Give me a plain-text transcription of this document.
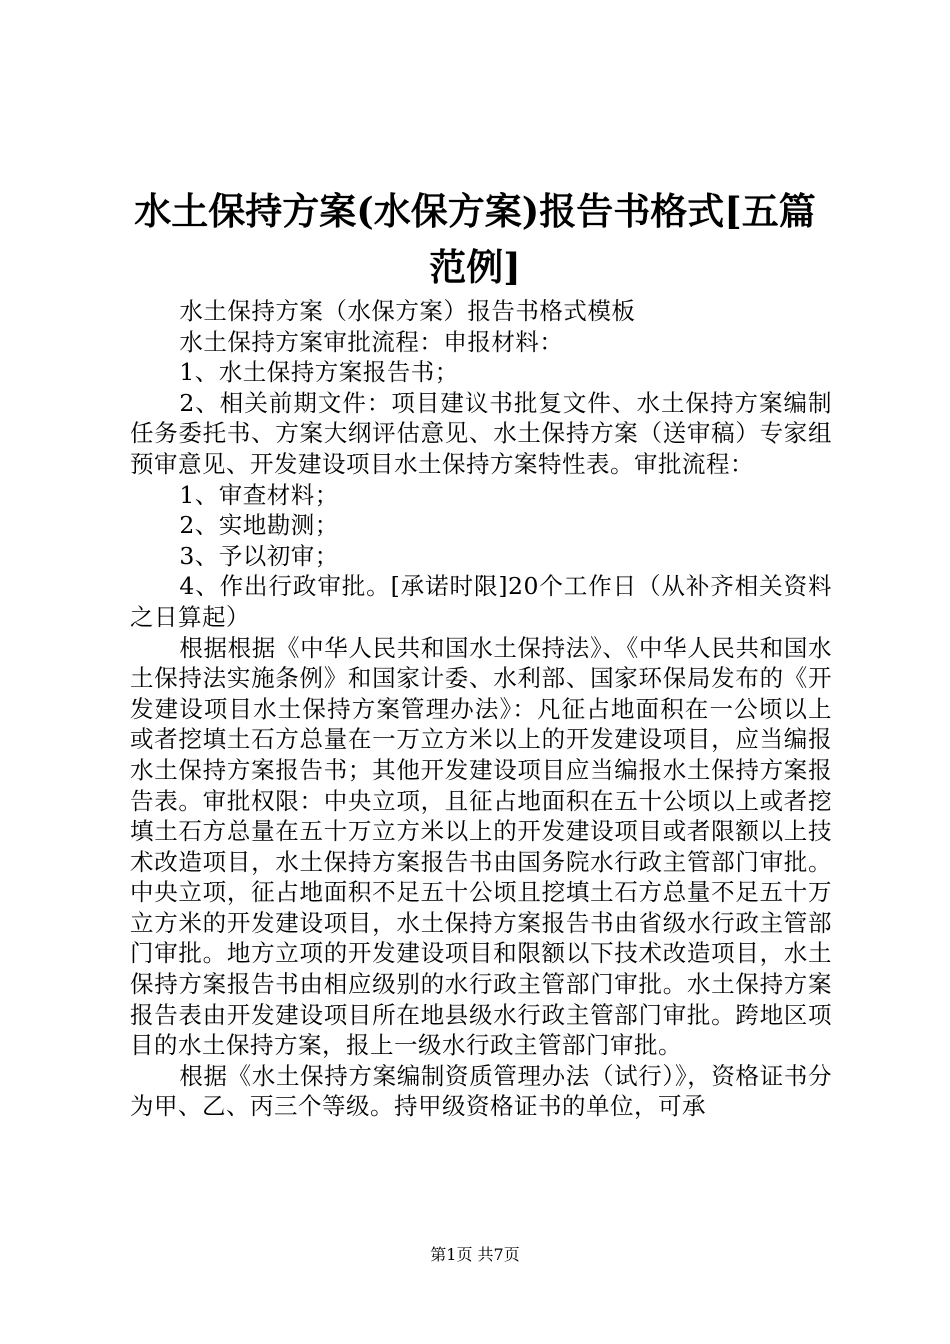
水土保持方案(水保方案)报告书格式[五篇范例]

水土保持方案（水保方案）报告书格式模板

水土保持方案审批流程：申报材料：

1、水土保持方案报告书；

2、相关前期文件：项目建议书批复文件、水土保持方案编制任务委托书、方案大纲评估意见、水土保持方案（送审稿）专家组预审意见、开发建设项目水土保持方案特性表。审批流程：

1、审查材料；

2、实地勘测；

3、予以初审；

4、作出行政审批。[承诺时限]20个工作日（从补齐相关资料之日算起）

根据根据《中华人民共和国水土保持法》、《中华人民共和国水土保持法实施条例》和国家计委、水利部、国家环保局发布的《开发建设项目水土保持方案管理办法》：凡征占地面积在一公顷以上或者挖填土石方总量在一万立方米以上的开发建设项目，应当编报水土保持方案报告书；其他开发建设项目应当编报水土保持方案报告表。审批权限：中央立项，且征占地面积在五十公顷以上或者挖填土石方总量在五十万立方米以上的开发建设项目或者限额以上技术改造项目，水土保持方案报告书由国务院水行政主管部门审批。中央立项，征占地面积不足五十公顷且挖填土石方总量不足五十万立方米的开发建设项目，水土保持方案报告书由省级水行政主管部门审批。地方立项的开发建设项目和限额以下技术改造项目，水土保持方案报告书由相应级别的水行政主管部门审批。水土保持方案报告表由开发建设项目所在地县级水行政主管部门审批。跨地区项目的水土保持方案，报上一级水行政主管部门审批。

根据《水土保持方案编制资质管理办法（试行）》，资格证书分为甲、乙、丙三个等级。持甲级资格证书的单位，可承

第1页 共7页
